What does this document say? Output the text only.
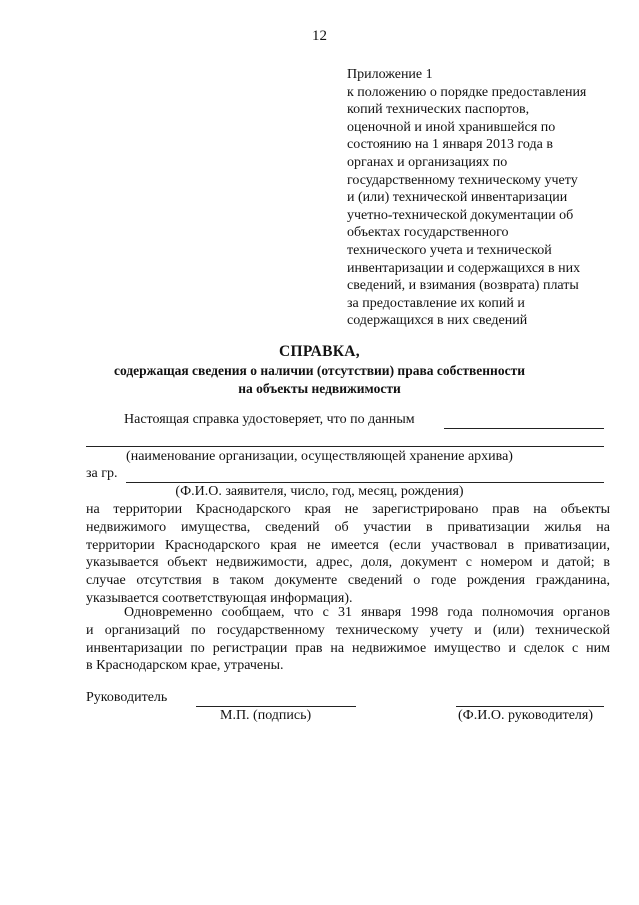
12
Приложение 1
к положению о порядке предоставления
копий технических паспортов,
оценочной и иной хранившейся по
состоянию на 1 января 2013 года в
органах и организациях по
государственному техническому учету
и (или) технической инвентаризации
учетно-технической документации об
объектах государственного
технического учета и технической
инвентаризации и содержащихся в них
сведений, и взимания (возврата) платы
за предоставление их копий и
содержащихся в них сведений
СПРАВКА,
содержащая сведения о наличии (отсутствии) права собственности
на объекты недвижимости
Настоящая справка удостоверяет, что по данным
(наименование организации, осуществляющей хранение архива)
за гр.
(Ф.И.О. заявителя, число, год, месяц, рождения)
на территории Краснодарского края не зарегистрировано прав на объекты
недвижимого имущества, сведений об участии в приватизации жилья на
территории Краснодарского края не имеется (если участвовал в приватизации,
указывается объект недвижимости, адрес, доля, документ с номером и датой; в
случае отсутствия в таком документе сведений о годе рождения гражданина,
указывается соответствующая информация).
Одновременно сообщаем, что с 31 января 1998 года полномочия органов
и организаций по государственному техническому учету и (или) технической
инвентаризации по регистрации прав на недвижимое имущество и сделок с ним
в Краснодарском крае, утрачены.
Руководитель
М.П. (подпись)	(Ф.И.О. руководителя)
